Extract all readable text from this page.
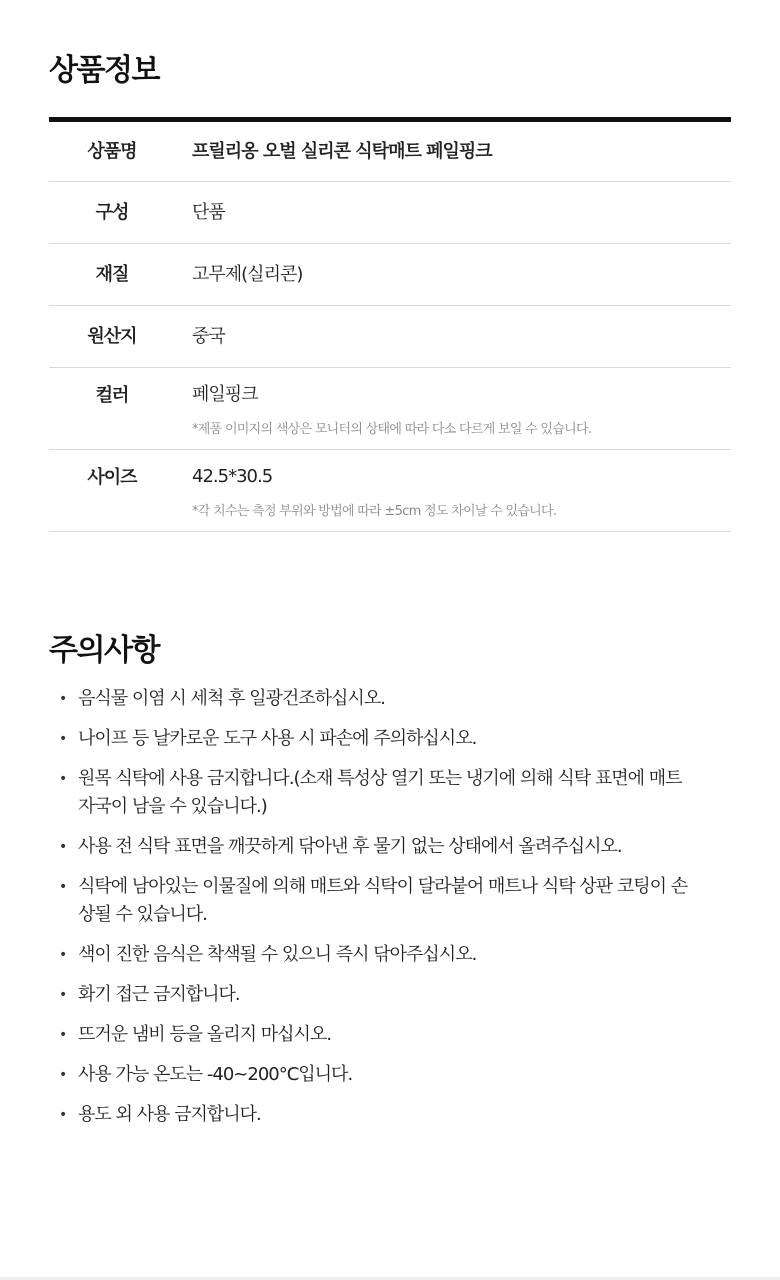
상품정보
상품명	프릴리옹 오벌 실리콘 식탁매트 페일핑크
구성	단품
재질	고무제(실리콘)
원산지	중국
컬러	페일핑크
*제품 이미지의 색상은 모니터의 상태에 따라 다소 다르게 보일 수 있습니다.
사이즈	42.5*30.5
*각 치수는 측정 부위와 방법에 따라 ±5cm 정도 차이날 수 있습니다.
주의사항
• 음식물 이염 시 세척 후 일광건조하십시오.
• 나이프 등 날카로운 도구 사용 시 파손에 주의하십시오.
• 원목 식탁에 사용 금지합니다.(소재 특성상 열기 또는 냉기에 의해 식탁 표면에 매트 자국이 남을 수 있습니다.)
• 사용 전 식탁 표면을 깨끗하게 닦아낸 후 물기 없는 상태에서 올려주십시오.
• 식탁에 남아있는 이물질에 의해 매트와 식탁이 달라붙어 매트나 식탁 상판 코팅이 손상될 수 있습니다.
• 색이 진한 음식은 착색될 수 있으니 즉시 닦아주십시오.
• 화기 접근 금지합니다.
• 뜨거운 냄비 등을 올리지 마십시오.
• 사용 가능 온도는 -40~200°C입니다.
• 용도 외 사용 금지합니다.
